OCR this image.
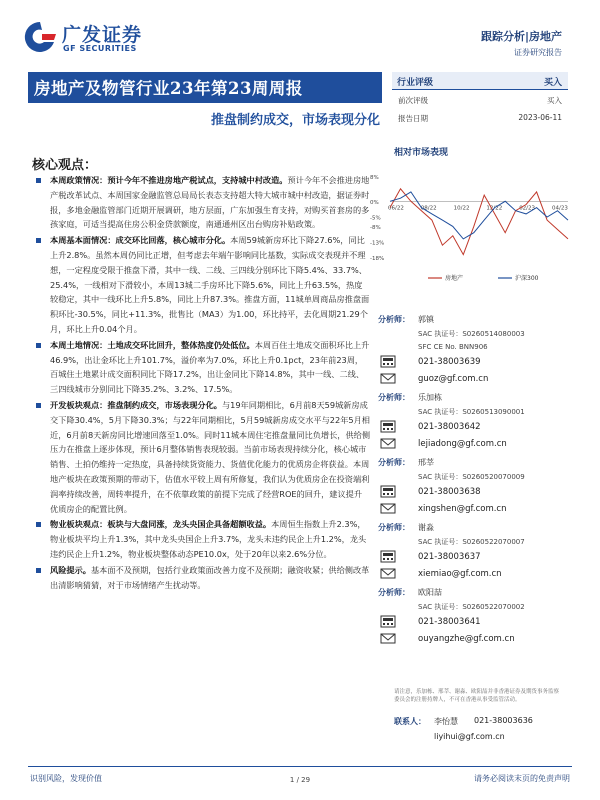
广发证券
GF SECURITIES
跟踪分析|房地产
证券研究报告
房地产及物管行业23年第23周周报
推盘制约成交，市场表现分化
行业评级	买入
前次评级	买入
报告日期	2023-06-11
相对市场表现
8%
0%
-5%
-8%
-13%
-18%
06/22	08/22	10/22	12/22	02/23	04/23
房地产	沪深300
核心观点：
本周政策情况：预计今年不推进房地产税试点，支持城中村改造。预计今年不会推进房地产税改革试点、本周国家金融监管总局局长表态支持超大特大城市城中村改造，据证券时报，多地金融监管部门近期开展调研，地方层面，广东加强生育支持，对购买首套房的多孩家庭，可适当提高住房公积金贷款额度，南通通州区出台购房补贴政策。
本周基本面情况：成交环比回落，核心城市分化。本周59城新房环比下降27.6%，同比上升2.8%。虽然本周仍同比正增，但考虑去年端午影响同比基数，实际成交表现并不理想，一定程度受限于推盘下滑，其中一线、二线、三四线分别环比下降5.4%、33.7%、25.4%，一线相对下滑较小，本周13城二手房环比下降5.6%，同比上升63.5%，热度较稳定，其中一线环比上升5.8%，同比上升87.3%。推盘方面，11城单周商品房推盘面积环比-30.5%，同比+11.3%，批售比（MA3）为1.00，环比持平，去化周期21.29个月，环比上升0.04个月。
本周土地情况：土地成交环比回升，整体热度仍处低位。本周百住土地成交面积环比上升46.9%，出让金环比上升101.7%，溢价率为7.0%，环比上升0.1pct，23年前23周，百城住土地累计成交面积同比下降17.2%，出让金同比下降14.8%，其中一线、二线、三四线城市分别同比下降35.2%、3.2%、17.5%。
开发板块观点：推盘制约成交，市场表现分化。与19年同期相比，6月前8天59城新房成交下降30.4%，5月下降30.3%；与22年同期相比，5月59城新房成交水平与22年5月相近，6月前8天新房同比增速回落至1.0%。同时11城本周住宅推盘量同比负增长，供给侧压力在推盘上逐步体现，预计6月整体销售表现较弱。当前市场表现持续分化，核心城市销售、土拍仍维持一定热度，具备持续货资能力、货值优化能力的优质房企将获益。本周地产板块在政策预期的带动下，估值水平较上周有所修复，我们认为优质房企在投资端利润率持续改善，周转率提升，在不依靠政策的前提下完成了经营ROE的回升，建议提升优质房企的配置比例。
物业板块观点：板块与大盘同涨，龙头央国企具备超额收益。本周恒生指数上升2.3%，物业板块平均上升1.3%，其中龙头央国企上升3.7%，龙头未违约民企上升1.2%，龙头违约民企上升1.2%，物业板块整体动态PE10.0x，处于20年以来2.6%分位。
风险提示。基本面不及预期，包括行业政策面改善力度不及预期；融资收紧；供给侧改革出清影响猜猜，对于市场情绪产生扰动等。
分析师： 郭镇
SAC 执证号：S0260514080003
SFC CE No. BNN906
021-38003639
guoz@gf.com.cn
分析师： 乐加栋
SAC 执证号：S0260513090001
021-38003642
lejiadong@gf.com.cn
分析师： 邢莘
SAC 执证号：S0260520070009
021-38003638
xingshen@gf.com.cn
分析师： 谢淼
SAC 执证号：S0260522070007
021-38003637
xiemiao@gf.com.cn
分析师： 欧阳喆
SAC 执证号：S0260522070002
021-38003641
ouyangzhe@gf.com.cn
请注意，乐加栋、邢莘、谢淼、欧阳喆并非香港证券及期货事务监察委员会的注册持牌人，不可在香港从事受监管活动。
联系人： 李怡慧 021-38003636
liyihui@gf.com.cn
识别风险，发现价值	1 / 29	请务必阅读末页的免责声明
